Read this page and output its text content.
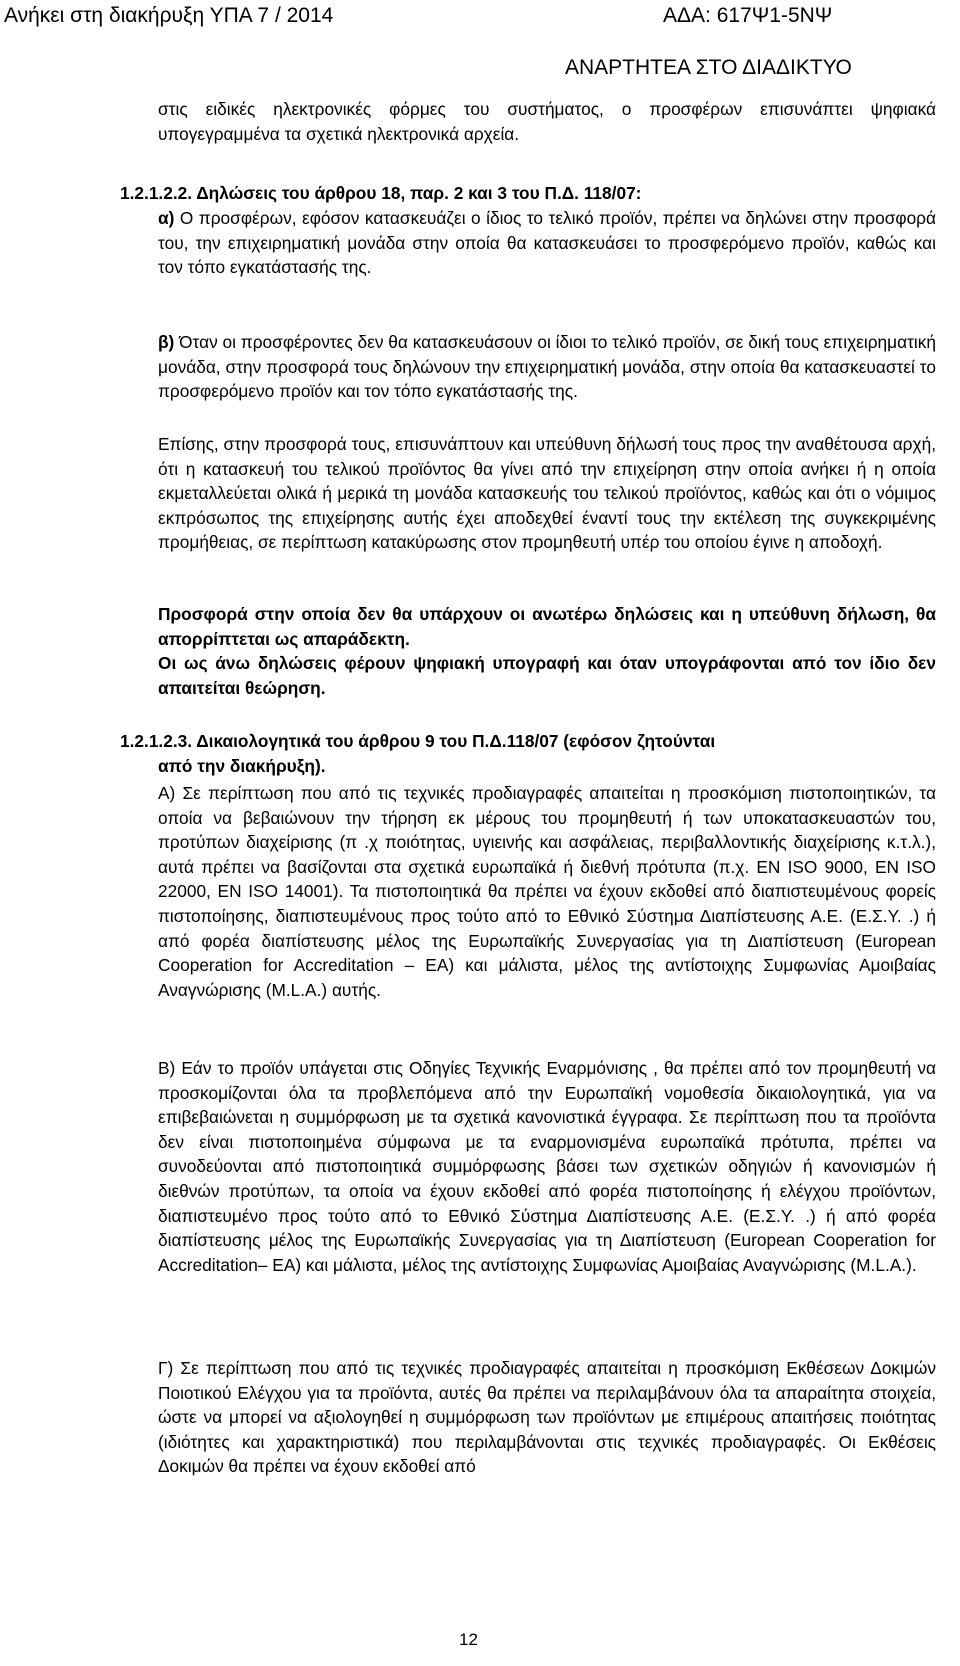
Ανήκει στη διακήρυξη ΥΠΑ 7 / 2014	ΑΔΑ: 617Ψ1-5ΝΨ
ΑΝΑΡΤΗΤΕΑ ΣΤΟ ΔΙΑΔΙΚΤΥΟ
στις ειδικές ηλεκτρονικές φόρμες του συστήματος, ο προσφέρων επισυνάπτει ψηφιακά υπογεγραμμένα τα σχετικά ηλεκτρονικά αρχεία.
1.2.1.2.2. Δηλώσεις του άρθρου 18, παρ. 2 και 3 του Π.Δ. 118/07:
α) Ο προσφέρων, εφόσον κατασκευάζει ο ίδιος το τελικό προϊόν, πρέπει να δηλώνει στην προσφορά του, την επιχειρηματική μονάδα στην οποία θα κατασκευάσει το προσφερόμενο προϊόν, καθώς και τον τόπο εγκατάστασής της.
β) Όταν οι προσφέροντες δεν θα κατασκευάσουν οι ίδιοι το τελικό προϊόν, σε δική τους επιχειρηματική μονάδα, στην προσφορά τους δηλώνουν την επιχειρηματική μονάδα, στην οποία θα κατασκευαστεί το προσφερόμενο προϊόν και τον τόπο εγκατάστασής της.
Επίσης, στην προσφορά τους, επισυνάπτουν και υπεύθυνη δήλωσή τους προς την αναθέτουσα αρχή, ότι η κατασκευή του τελικού προϊόντος θα γίνει από την επιχείρηση στην οποία ανήκει ή η οποία εκμεταλλεύεται ολικά ή μερικά τη μονάδα κατασκευής του τελικού προϊόντος, καθώς και ότι ο νόμιμος εκπρόσωπος της επιχείρησης αυτής έχει αποδεχθεί έναντί τους την εκτέλεση της συγκεκριμένης προμήθειας, σε περίπτωση κατακύρωσης στον προμηθευτή υπέρ του οποίου έγινε η αποδοχή.
Προσφορά στην οποία δεν θα υπάρχουν οι ανωτέρω δηλώσεις και η υπεύθυνη δήλωση, θα απορρίπτεται ως απαράδεκτη.
Οι ως άνω δηλώσεις φέρουν ψηφιακή υπογραφή και όταν υπογράφονται από τον ίδιο δεν απαιτείται θεώρηση.
1.2.1.2.3. Δικαιολογητικά του άρθρου 9 του Π.Δ.118/07 (εφόσον ζητούνται
από την διακήρυξη).
Α) Σε περίπτωση που από τις τεχνικές προδιαγραφές απαιτείται η προσκόμιση πιστοποιητικών, τα οποία να βεβαιώνουν την τήρηση εκ μέρους του προμηθευτή ή των υποκατασκευαστών του, προτύπων διαχείρισης (π .χ ποιότητας, υγιεινής και ασφάλειας, περιβαλλοντικής διαχείρισης κ.τ.λ.), αυτά πρέπει να βασίζονται στα σχετικά ευρωπαϊκά ή διεθνή πρότυπα (π.χ. ΕΝ ISO 9000, EN ISO 22000, EN ISO 14001). Τα πιστοποιητικά θα πρέπει να έχουν εκδοθεί από διαπιστευμένους φορείς πιστοποίησης, διαπιστευμένους προς τούτο από το Εθνικό Σύστημα Διαπίστευσης Α.Ε. (Ε.Σ.Υ. .) ή από φορέα διαπίστευσης μέλος της Ευρωπαϊκής Συνεργασίας για τη Διαπίστευση (European Cooperation for Accreditation – ΕΑ) και μάλιστα, μέλος της αντίστοιχης Συμφωνίας Αμοιβαίας Αναγνώρισης (M.L.A.) αυτής.
Β) Εάν το προϊόν υπάγεται στις Οδηγίες Τεχνικής Εναρμόνισης , θα πρέπει από τον προμηθευτή να προσκομίζονται όλα τα προβλεπόμενα από την Ευρωπαϊκή νομοθεσία δικαιολογητικά, για να επιβεβαιώνεται η συμμόρφωση με τα σχετικά κανονιστικά έγγραφα. Σε περίπτωση που τα προϊόντα δεν είναι πιστοποιημένα σύμφωνα με τα εναρμονισμένα ευρωπαϊκά πρότυπα, πρέπει να συνοδεύονται από πιστοποιητικά συμμόρφωσης βάσει των σχετικών οδηγιών ή κανονισμών ή διεθνών προτύπων, τα οποία να έχουν εκδοθεί από φορέα πιστοποίησης ή ελέγχου προϊόντων, διαπιστευμένο προς τούτο από το Εθνικό Σύστημα Διαπίστευσης Α.Ε. (Ε.Σ.Υ. .) ή από φορέα διαπίστευσης μέλος της Ευρωπαϊκής Συνεργασίας για τη Διαπίστευση (European Cooperation for Accreditation– ΕΑ) και μάλιστα, μέλος της αντίστοιχης Συμφωνίας Αμοιβαίας Αναγνώρισης (M.L.A.).
Γ) Σε περίπτωση που από τις τεχνικές προδιαγραφές απαιτείται η προσκόμιση Εκθέσεων Δοκιμών Ποιοτικού Ελέγχου για τα προϊόντα, αυτές θα πρέπει να περιλαμβάνουν όλα τα απαραίτητα στοιχεία, ώστε να μπορεί να αξιολογηθεί η συμμόρφωση των προϊόντων με επιμέρους απαιτήσεις ποιότητας (ιδιότητες και χαρακτηριστικά) που περιλαμβάνονται στις τεχνικές προδιαγραφές. Οι Εκθέσεις Δοκιμών θα πρέπει να έχουν εκδοθεί από
12
